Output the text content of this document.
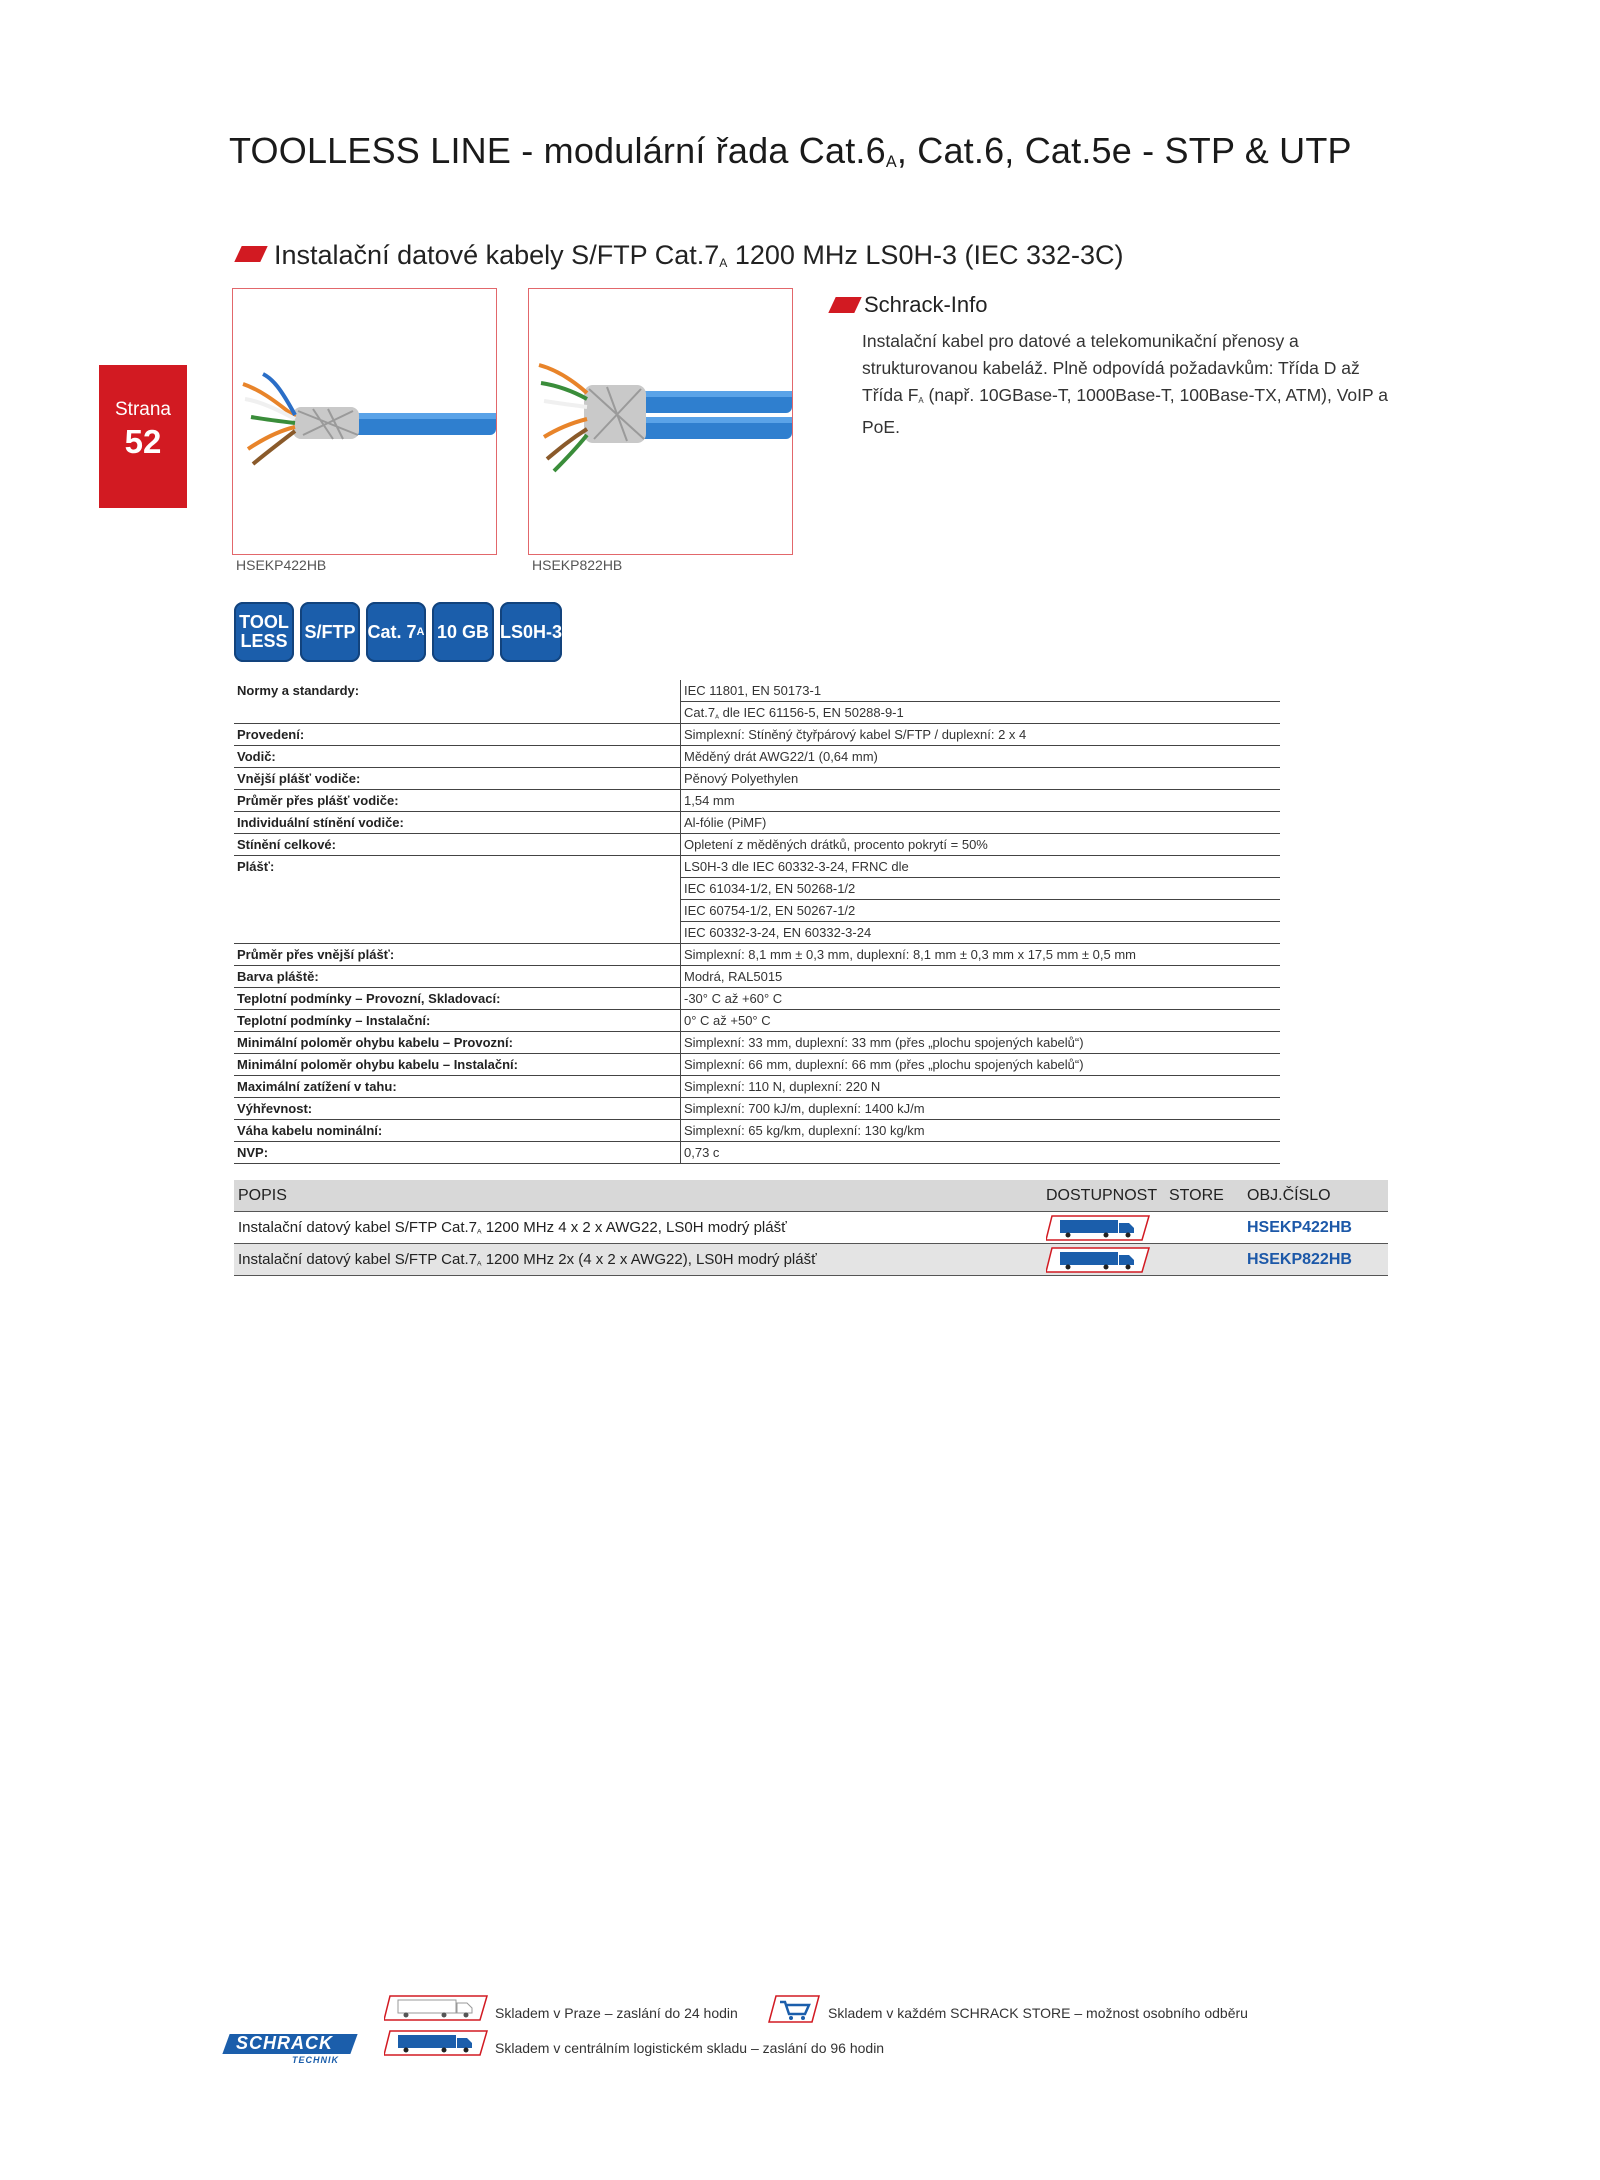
TOOLLESS LINE - modulární řada $Cat.6_A$, Cat.6, Cat.5e - STP & UTP
Strana
52
Instalační datové kabely S/FTP $Cat.7_A$ 1200 MHz LS0H-3 (IEC 332-3C)
HSEKP422HB	HSEKP822HB
Schrack-Info
Instalační kabel pro datové a telekomunikační přenosy a strukturovanou kabeláž. Plně odpovídá požadavkům: Třída D až Třída $F_A$ (např. 10GBase-T, 1000Base-T, 100Base-TX, ATM), VoIP a PoE.
TOOL
LESS S/FTP Cat. 7 A 10 GB LS0H-3
Normy a standardy:	IEC 11801, EN 50173-1
	$Cat.7_A$ dle IEC 61156-5, EN 50288-9-1
Provedení:	Simplexní: Stíněný čtyřpárový kabel S/FTP / duplexní: 2 x 4
Vodič:	Měděný drát AWG22/1 (0,64 mm)
Vnější plášť vodiče:	Pěnový Polyethylen
Průměr přes plášť vodiče:	1,54 mm
Individuální stínění vodiče:	Al-fólie (PiMF)
Stínění celkové:	Opletení z měděných drátků, procento pokrytí = 50%
Plášť:	LS0H-3 dle IEC 60332-3-24, FRNC dle
	IEC 61034-1/2, EN 50268-1/2
	IEC 60754-1/2, EN 50267-1/2
	IEC 60332-3-24, EN 60332-3-24
Průměr přes vnější plášť:	Simplexní: 8,1 mm ± 0,3 mm, duplexní: 8,1 mm ± 0,3 mm x 17,5 mm ± 0,5 mm
Barva pláště:	Modrá, RAL5015
Teplotní podmínky – Provozní, Skladovací:	-30° C až +60° C
Teplotní podmínky – Instalační:	0° C až +50° C
Minimální poloměr ohybu kabelu – Provozní:	Simplexní: 33 mm, duplexní: 33 mm (přes „plochu spojených kabelů“)
Minimální poloměr ohybu kabelu – Instalační:	Simplexní: 66 mm, duplexní: 66 mm (přes „plochu spojených kabelů“)
Maximální zatížení v tahu:	Simplexní: 110 N, duplexní: 220 N
Výhřevnost:	Simplexní: 700 kJ/m, duplexní: 1400 kJ/m
Váha kabelu nominální:	Simplexní: 65 kg/km, duplexní: 130 kg/km
NVP:	0,73 c
POPIS	DOSTUPNOST	STORE	OBJ.ČÍSLO
Instalační datový kabel S/FTP $Cat.7_A$ 1200 MHz 4 x 2 x AWG22, LS0H modrý plášť			HSEKP422HB
Instalační datový kabel S/FTP $Cat.7_A$ 1200 MHz 2x (4 x 2 x AWG22), LS0H modrý plášť			HSEKP822HB
Skladem v Praze – zaslání do 24 hodin	Skladem v každém SCHRACK STORE – možnost osobního odběru
Skladem v centrálním logistickém skladu – zaslání do 96 hodin
SCHRACK
TECHNIK
